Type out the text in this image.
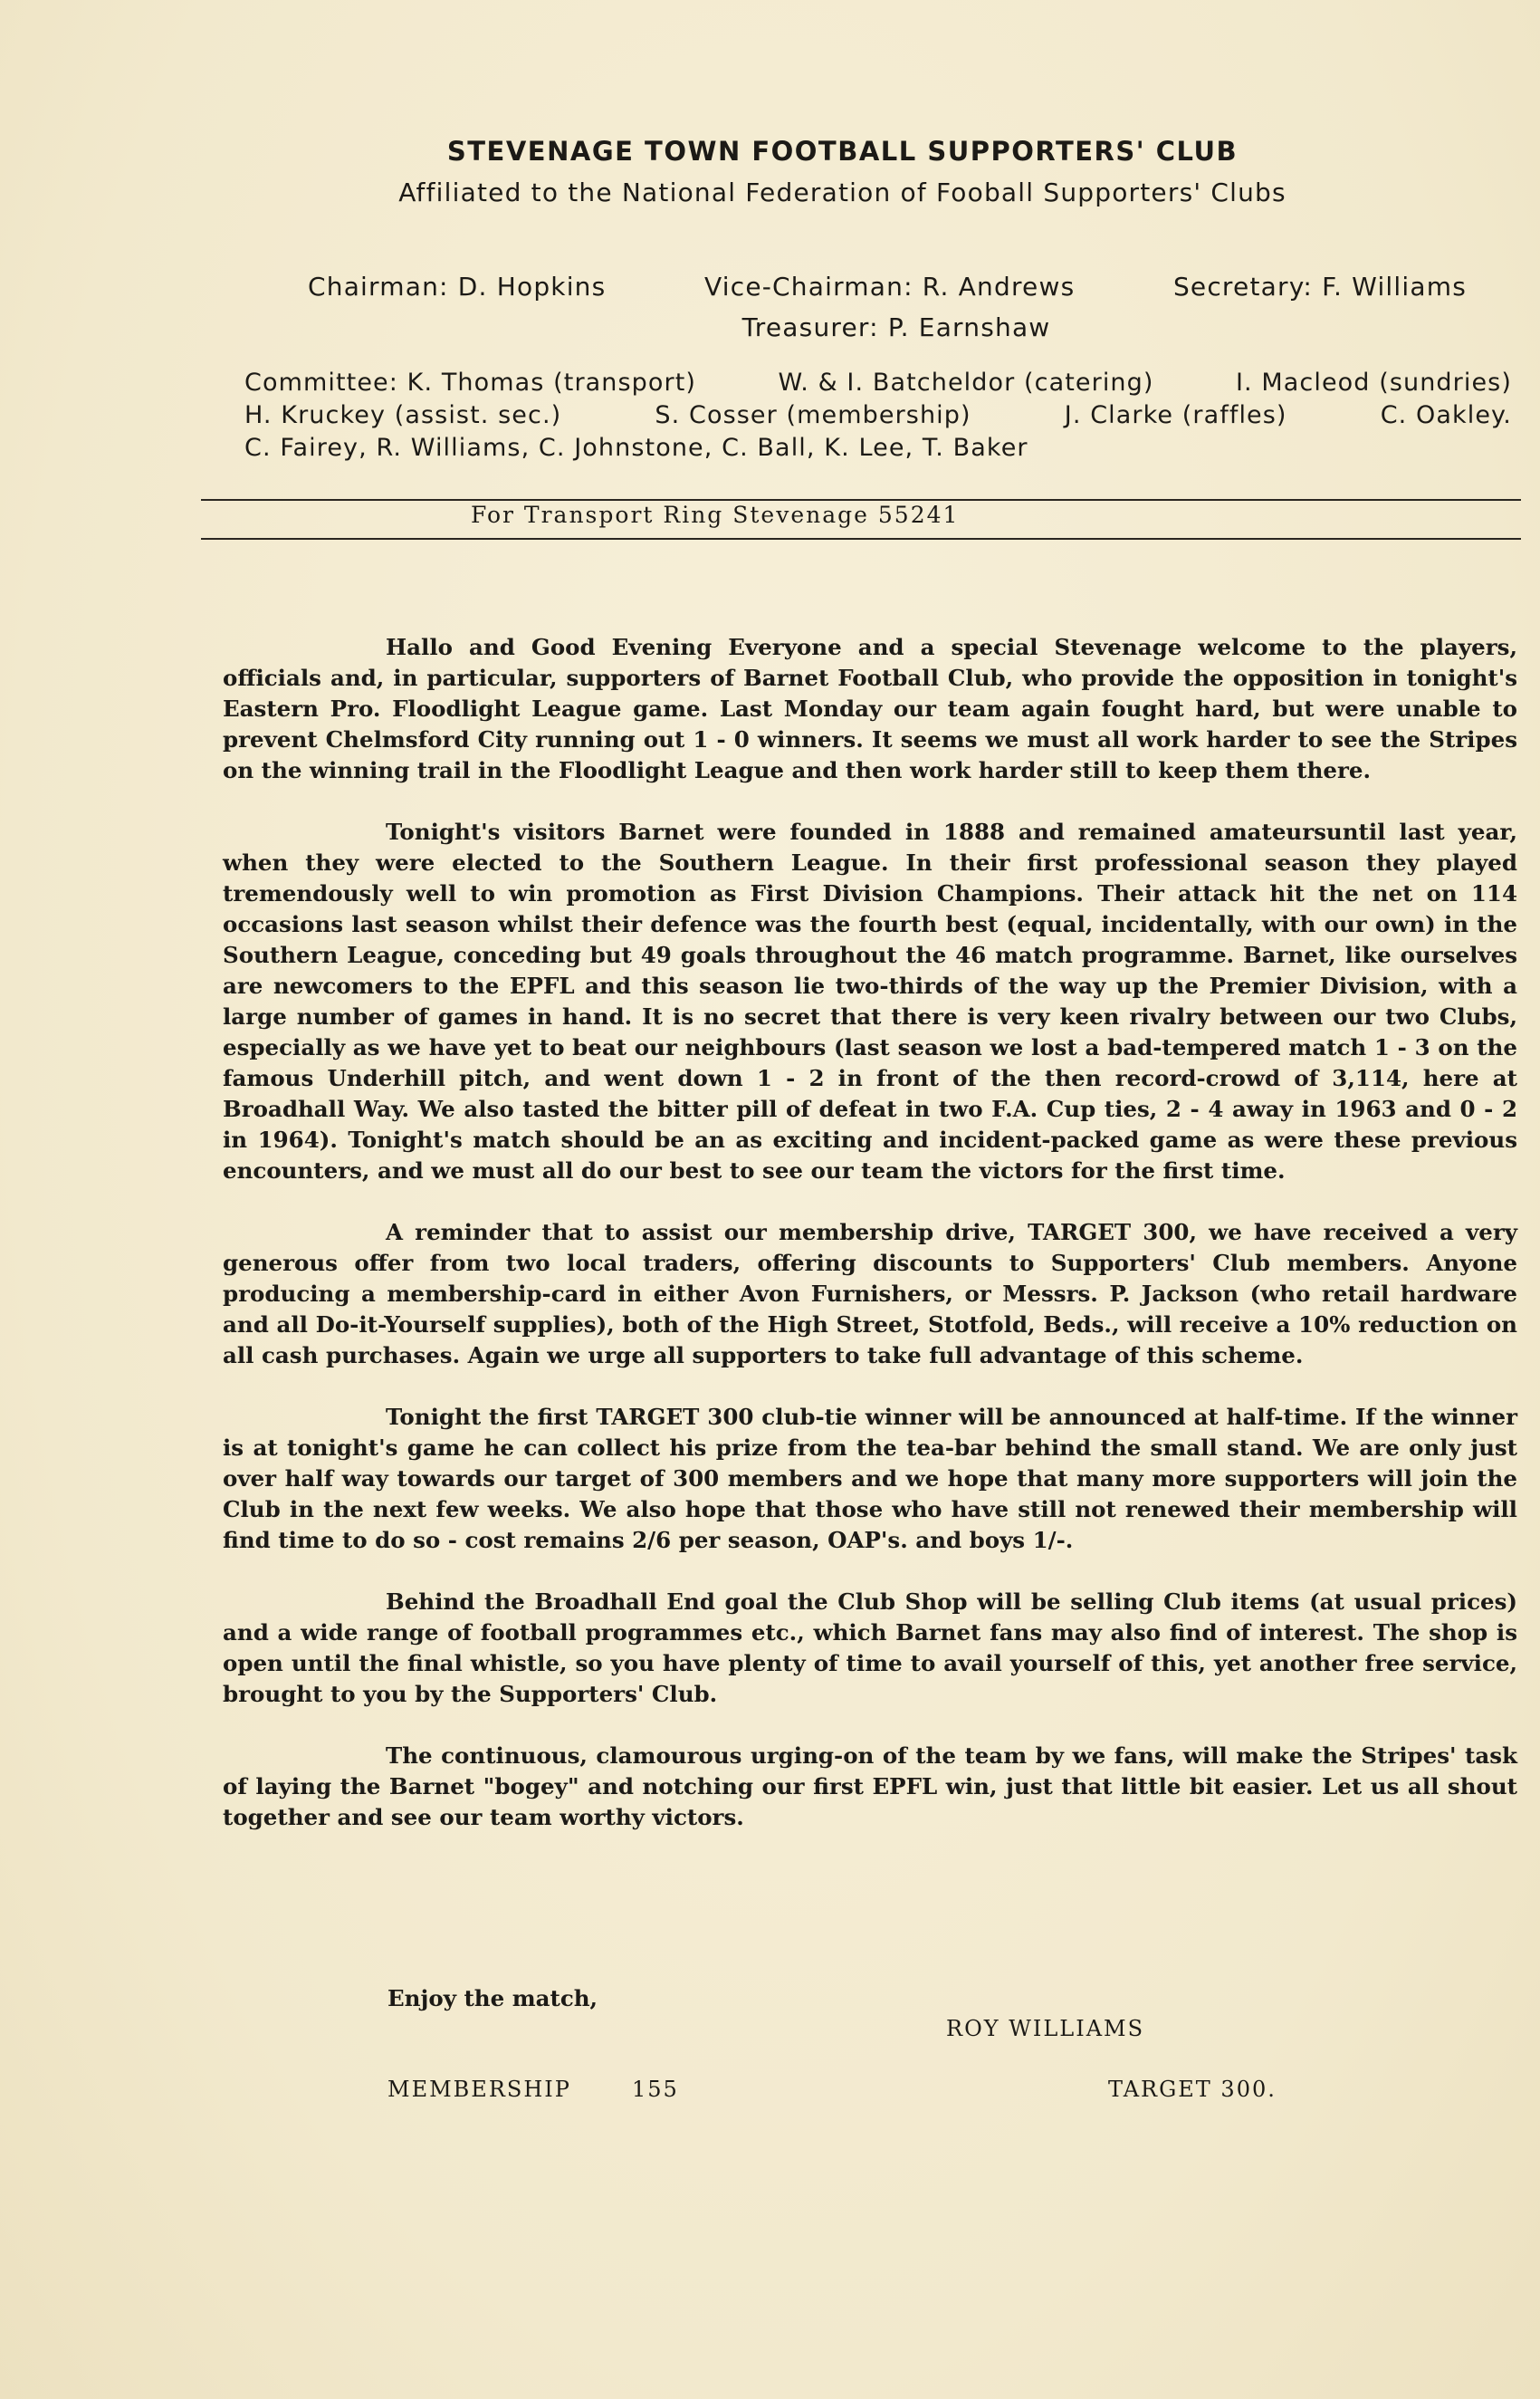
STEVENAGE TOWN FOOTBALL SUPPORTERS' CLUB
Affiliated to the National Federation of Fooball Supporters' Clubs
Chairman: D. Hopkins	Vice-Chairman: R. Andrews	Secretary: F. Williams
Treasurer: P. Earnshaw
Committee: K. Thomas (transport)	W. & I. Batcheldor (catering)	I. Macleod (sundries)
H. Kruckey (assist. sec.)	S. Cosser (membership)	J. Clarke (raffles)	C. Oakley.
C. Fairey, R. Williams, C. Johnstone, C. Ball, K. Lee, T. Baker
For Transport Ring Stevenage 55241

Hallo and Good Evening Everyone and a special Stevenage welcome to the players, officials and, in particular, supporters of Barnet Football Club, who provide the opposition in tonight's Eastern Pro. Floodlight League game. Last Monday our team again fought hard, but were unable to prevent Chelmsford City running out 1 - 0 winners. It seems we must all work harder to see the Stripes on the winning trail in the Floodlight League and then work harder still to keep them there.

Tonight's visitors Barnet were founded in 1888 and remained amateursuntil last year, when they were elected to the Southern League. In their first professional season they played tremendously well to win promotion as First Division Champions. Their attack hit the net on 114 occasions last season whilst their defence was the fourth best (equal, incidentally, with our own) in the Southern League, conceding but 49 goals throughout the 46 match programme. Barnet, like ourselves are newcomers to the EPFL and this season lie two-thirds of the way up the Premier Division, with a large number of games in hand. It is no secret that there is very keen rivalry between our two Clubs, especially as we have yet to beat our neighbours (last season we lost a bad-tempered match 1 - 3 on the famous Underhill pitch, and went down 1 - 2 in front of the then record-crowd of 3,114, here at Broadhall Way. We also tasted the bitter pill of defeat in two F.A. Cup ties, 2 - 4 away in 1963 and 0 - 2 in 1964). Tonight's match should be an as exciting and incident-packed game as were these previous encounters, and we must all do our best to see our team the victors for the first time.

A reminder that to assist our membership drive, TARGET 300, we have received a very generous offer from two local traders, offering discounts to Supporters' Club members. Anyone producing a membership-card in either Avon Furnishers, or Messrs. P. Jackson (who retail hardware and all Do-it-Yourself supplies), both of the High Street, Stotfold, Beds., will receive a 10% reduction on all cash purchases. Again we urge all supporters to take full advantage of this scheme.

Tonight the first TARGET 300 club-tie winner will be announced at half-time. If the winner is at tonight's game he can collect his prize from the tea-bar behind the small stand. We are only just over half way towards our target of 300 members and we hope that many more supporters will join the Club in the next few weeks. We also hope that those who have still not renewed their membership will find time to do so - cost remains 2/6 per season, OAP's. and boys 1/-.

Behind the Broadhall End goal the Club Shop will be selling Club items (at usual prices) and a wide range of football programmes etc., which Barnet fans may also find of interest. The shop is open until the final whistle, so you have plenty of time to avail yourself of this, yet another free service, brought to you by the Supporters' Club.

The continuous, clamourous urging-on of the team by we fans, will make the Stripes' task of laying the Barnet "bogey" and notching our first EPFL win, just that little bit easier. Let us all shout together and see our team worthy victors.

Enjoy the match,
ROY WILLIAMS
MEMBERSHIP	155	TARGET 300.
